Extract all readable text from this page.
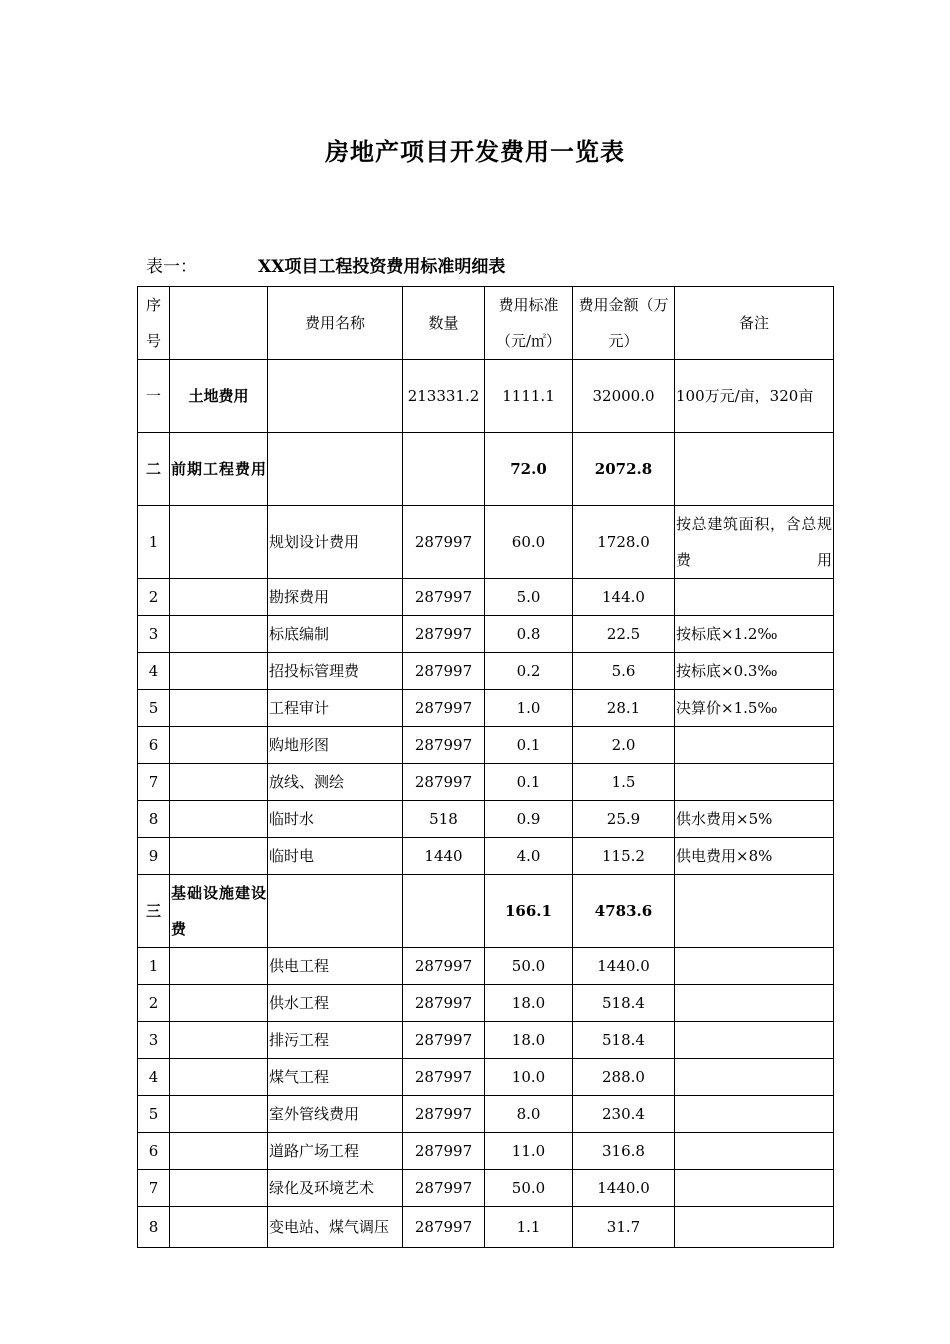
房地产项目开发费用一览表
表一：	XX项目工程投资费用标准明细表
序号		费用名称	数量	费用标准（元/㎡）	费用金额（万元）	备注
一	土地费用		213331.2	1111.1	32000.0	100万元/亩，320亩
二	前期工程费用			72.0	2072.8	
1		规划设计费用	287997	60.0	1728.0	按总建筑面积，含总规费用
2		勘探费用	287997	5.0	144.0	
3		标底编制	287997	0.8	22.5	按标底×1.2‰
4		招投标管理费	287997	0.2	5.6	按标底×0.3‰
5		工程审计	287997	1.0	28.1	决算价×1.5‰
6		购地形图	287997	0.1	2.0	
7		放线、测绘	287997	0.1	1.5	
8		临时水	518	0.9	25.9	供水费用×5%
9		临时电	1440	4.0	115.2	供电费用×8%
三	基础设施建设费			166.1	4783.6	
1		供电工程	287997	50.0	1440.0	
2		供水工程	287997	18.0	518.4	
3		排污工程	287997	18.0	518.4	
4		煤气工程	287997	10.0	288.0	
5		室外管线费用	287997	8.0	230.4	
6		道路广场工程	287997	11.0	316.8	
7		绿化及环境艺术	287997	50.0	1440.0	
8		变电站、煤气调压	287997	1.1	31.7	
